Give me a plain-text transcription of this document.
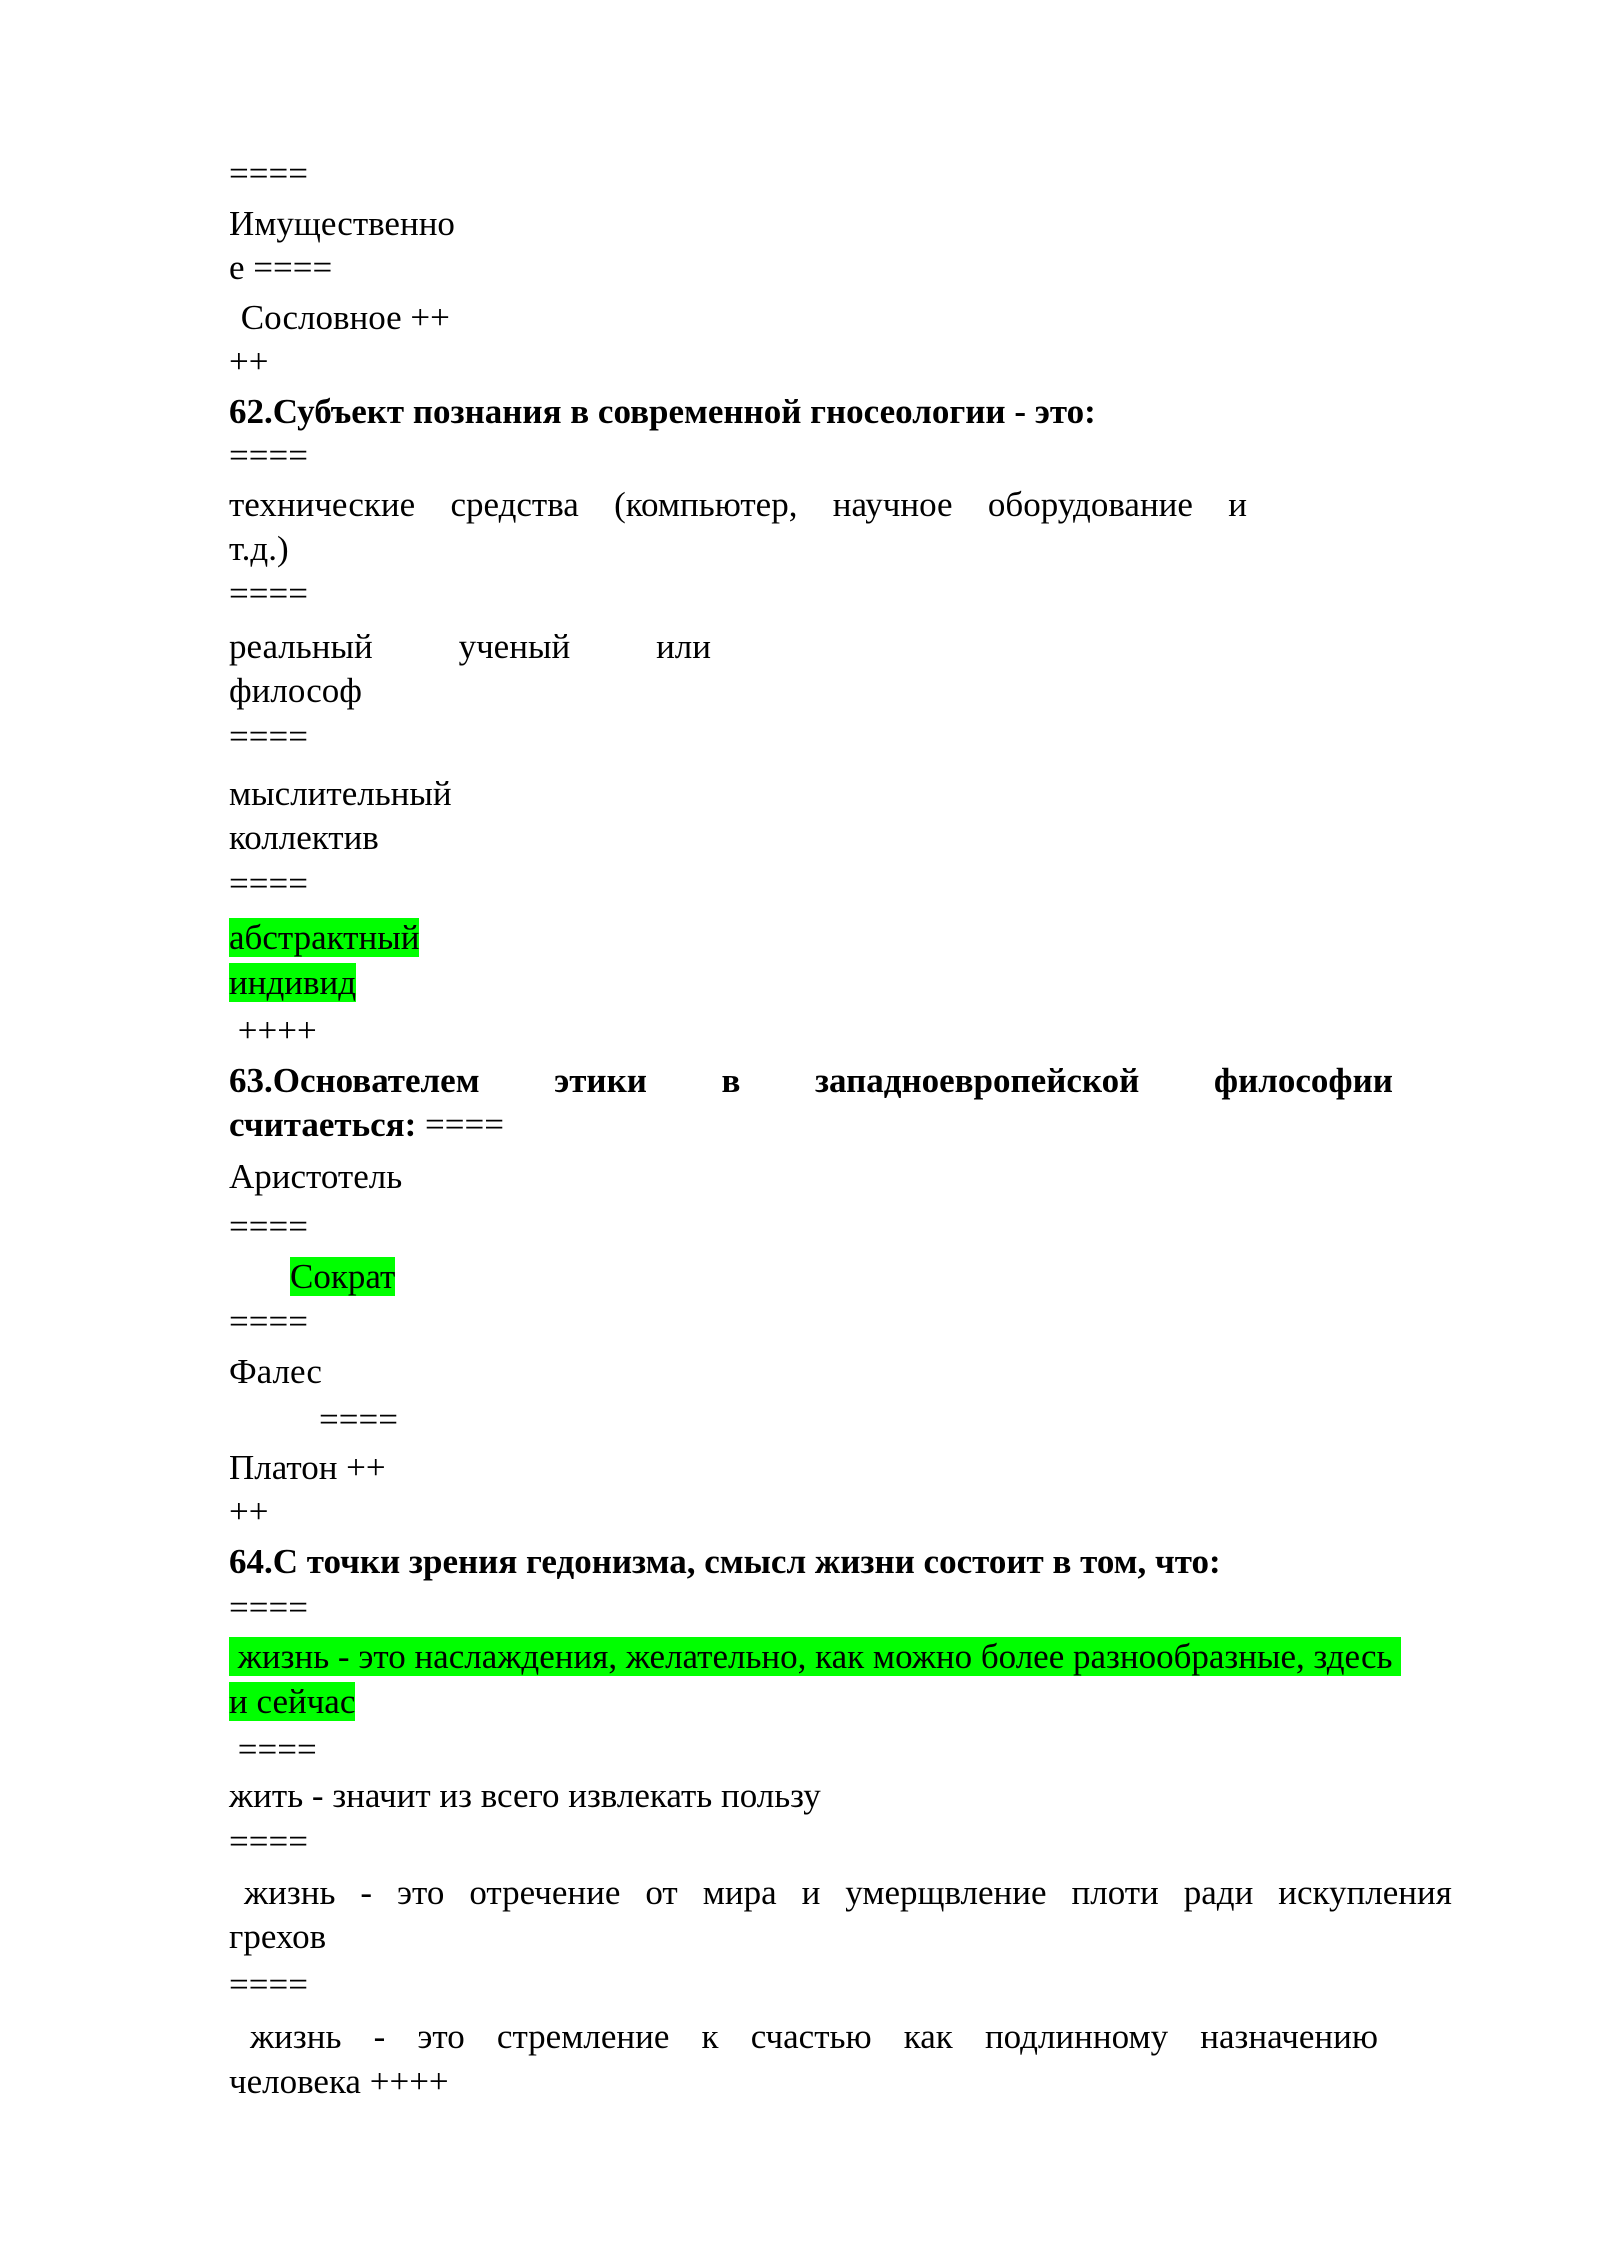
====

Имущественно

е ====

Сословное ++

++

62.Субъект познания в современной гносеологии - это:

====

технические средства (компьютер, научное оборудование и

т.д.)

====

реальный ученый или

философ

====

мыслительный

коллектив

====

абстрактный

индивид

++++

63.Основателем этики в западноевропейской философии

считаеться: ====

Аристотель

====

Сократ

====

Фалес

====

Платон ++

++

64.С точки зрения гедонизма, смысл жизни состоит в том, что:

====

жизнь - это наслаждения, желательно, как можно более разнообразные, здесь

и сейчас

====

жить - значит из всего извлекать пользу

====

жизнь - это отречение от мира и умерщвление плоти ради искупления

грехов

====

жизнь - это стремление к счастью как подлинному назначению

человека ++++
